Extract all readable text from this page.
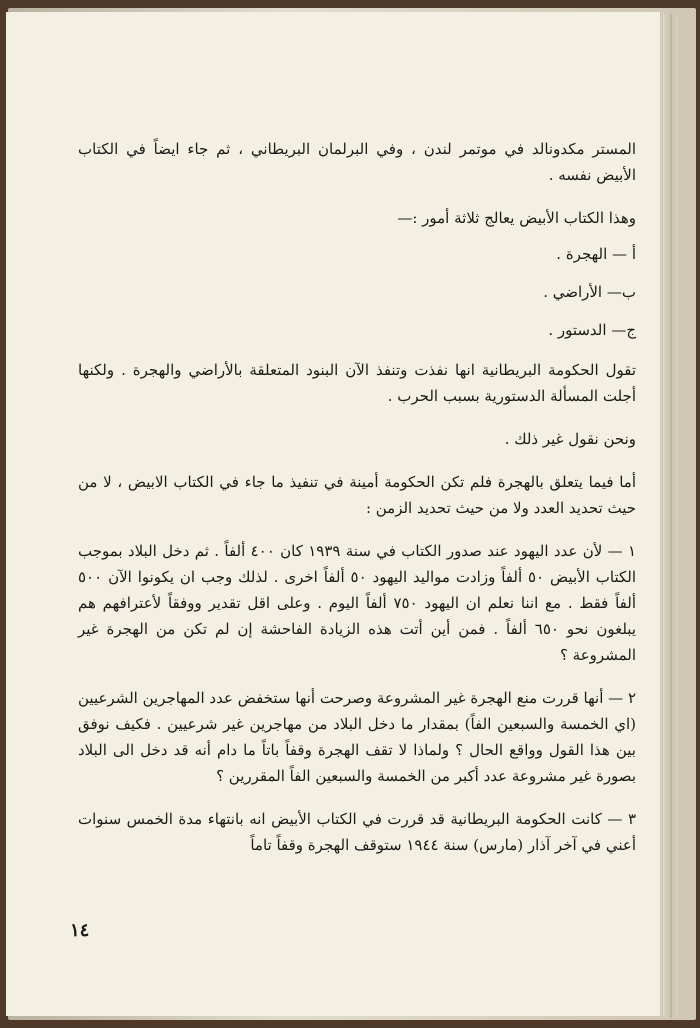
المستر مكدونالد في موتمر لندن ، وفي البرلمان البريطاني ، ثم جاء ايضاً في الكتاب الأبيض نفسه .

وهذا الكتاب الأبيض يعالج ثلاثة أمور :—

أ — الهجرة .
ب— الأراضي .
ج— الدستور .

تقول الحكومة البريطانية انها نفذت وتنفذ الآن البنود المتعلقة بالأراضي والهجرة . ولكنها أجلت المسألة الدستورية بسبب الحرب .

ونحن نقول غير ذلك .

أما فيما يتعلق بالهجرة فلم تكن الحكومة أمينة في تنفيذ ما جاء في الكتاب الابيض ، لا من حيث تحديد العدد ولا من حيث تحديد الزمن :

١ — لأن عدد اليهود عند صدور الكتاب في سنة ١٩٣٩ كان ٤٠٠ ألفاً . ثم دخل البلاد بموجب الكتاب الأبيض ٥٠ ألفاً وزادت مواليد اليهود ٥٠ ألفاً اخرى . لذلك وجب ان يكونوا الآن ٥٠٠ ألفاً فقط . مع اننا نعلم ان اليهود ٧٥٠ ألفاً اليوم . وعلى اقل تقدير ووفقاً لأعترافهم هم يبلغون نحو ٦٥٠ ألفاً . فمن أين أتت هذه الزيادة الفاحشة إن لم تكن من الهجرة غير المشروعة ؟

٢ — أنها قررت منع الهجرة غير المشروعة وصرحت أنها ستخفض عدد المهاجرين الشرعيين (اي الخمسة والسبعين الفاً) بمقدار ما دخل البلاد من مهاجرين غير شرعيين . فكيف نوفق بين هذا القول وواقع الحال ؟ ولماذا لا تقف الهجرة وقفاً باتاً ما دام أنه قد دخل الى البلاد بصورة غير مشروعة عدد أكبر من الخمسة والسبعين الفاً المقررين ؟

٣ — كانت الحكومة البريطانية قد قررت في الكتاب الأبيض انه بانتهاء مدة الخمس سنوات أعني في آخر آذار (مارس) سنة ١٩٤٤ ستوقف الهجرة وقفاً تاماً

١٤
